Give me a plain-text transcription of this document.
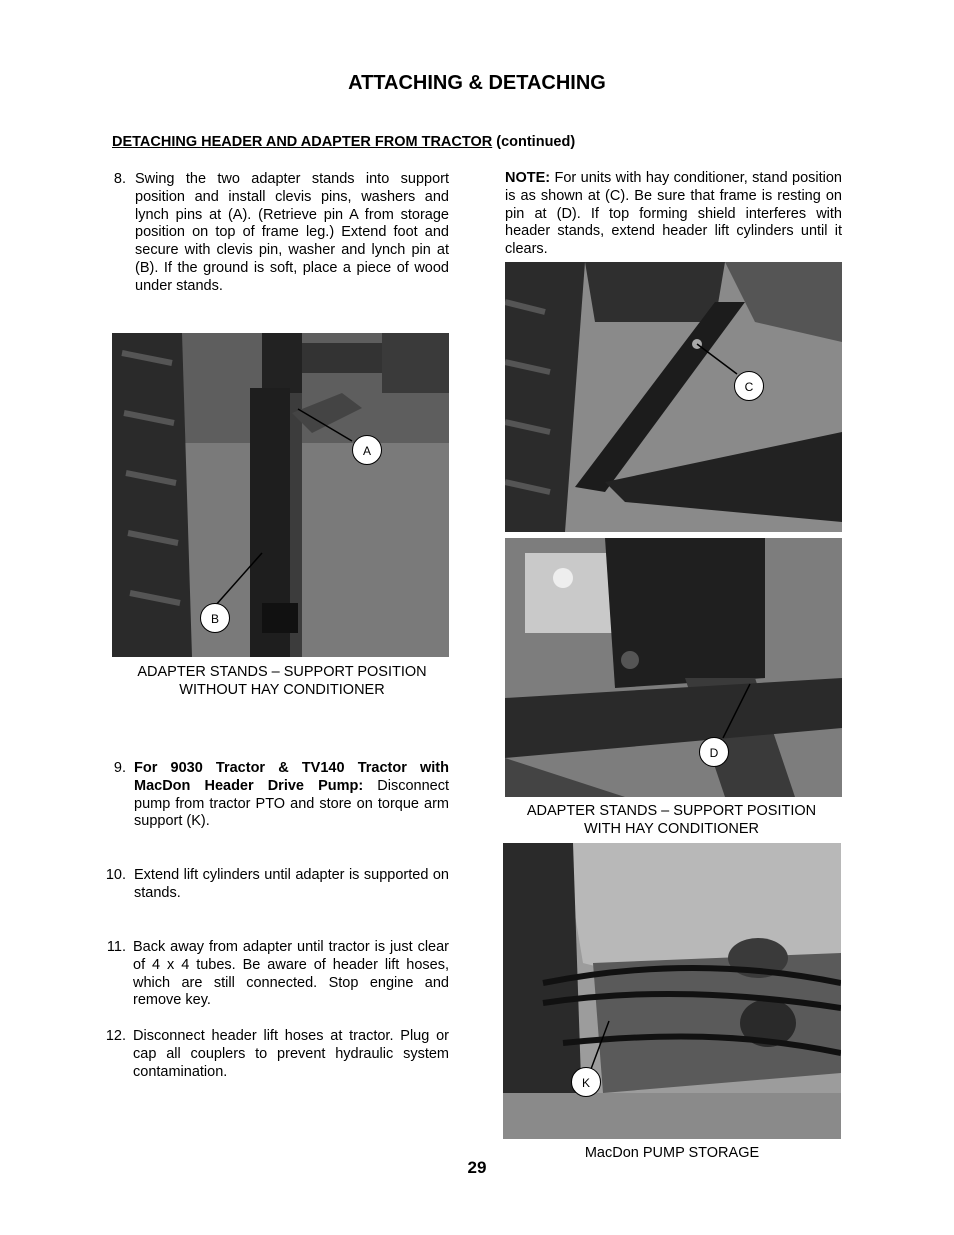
ATTACHING & DETACHING
DETACHING HEADER AND ADAPTER FROM TRACTOR (continued)
8. Swing the two adapter stands into support position and install clevis pins, washers and lynch pins at (A). (Retrieve pin A from storage position on top of frame leg.) Extend foot and secure with clevis pin, washer and lynch pin at (B). If the ground is soft, place a piece of wood under stands.
A
B
ADAPTER STANDS – SUPPORT POSITION
WITHOUT HAY CONDITIONER
9. For 9030 Tractor & TV140 Tractor with MacDon Header Drive Pump: Disconnect pump from tractor PTO and store on torque arm support (K).
10. Extend lift cylinders until adapter is supported on stands.
11. Back away from adapter until tractor is just clear of 4 x 4 tubes. Be aware of header lift hoses, which are still connected. Stop engine and remove key.
12. Disconnect header lift hoses at tractor. Plug or cap all couplers to prevent hydraulic system contamination.
NOTE: For units with hay conditioner, stand position is as shown at (C). Be sure that frame is resting on pin at (D). If top forming shield interferes with header stands, extend header lift cylinders until it clears.
C
D
ADAPTER STANDS – SUPPORT POSITION
WITH HAY CONDITIONER
K
MacDon PUMP STORAGE
29
